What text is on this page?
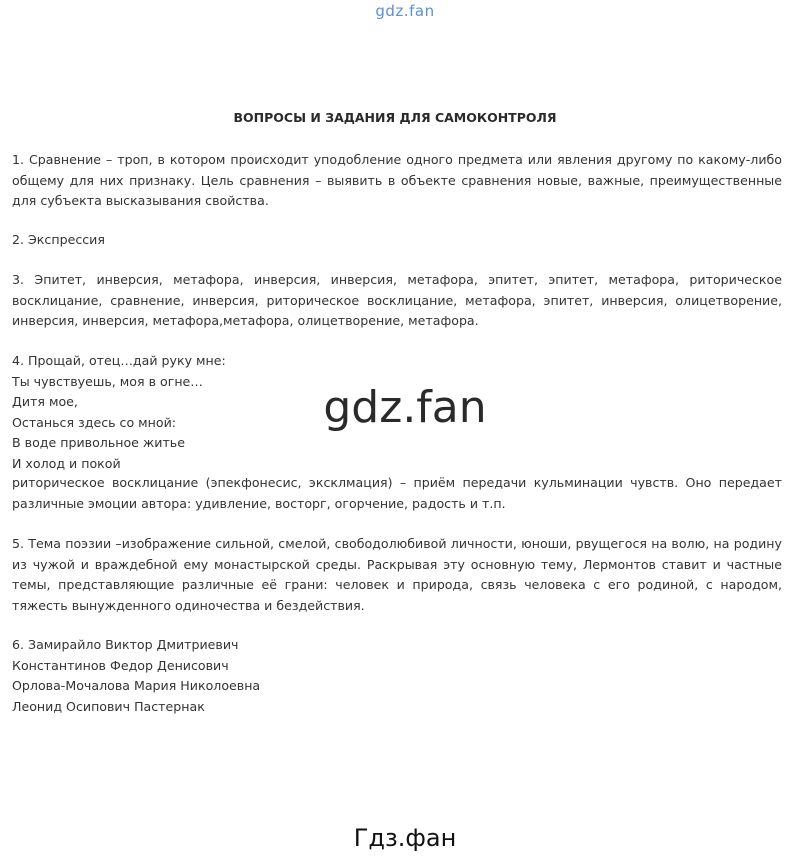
gdz.fan
ВОПРОСЫ И ЗАДАНИЯ ДЛЯ САМОКОНТРОЛЯ
1. Сравнение – троп, в котором происходит уподобление одного предмета или явления другому по какому-либо общему для них признаку. Цель сравнения – выявить в объекте сравнения новые, важные, преимущественные для субъекта высказывания свойства.
2. Экспрессия
3. Эпитет, инверсия, метафора, инверсия, инверсия, метафора, эпитет, эпитет, метафора, риторическое восклицание, сравнение, инверсия, риторическое восклицание, метафора, эпитет, инверсия, олицетворение, инверсия, инверсия, метафора,метафора, олицетворение, метафора.
4. Прощай, отец…дай руку мне:
Ты чувствуешь, моя в огне…
Дитя мое,
Останься здесь со мной:
В воде привольное житье
И холод и покой
риторическое восклицание (эпекфонесис, эксклмация) – приём передачи кульминации чувств. Оно передает различные эмоции автора: удивление, восторг, огорчение, радость и т.п.
5. Тема поэзии –изображение сильной, смелой, свободолюбивой личности, юноши, рвущегося на волю, на родину из чужой и враждебной ему монастырской среды. Раскрывая эту основную тему, Лермонтов ставит и частные темы, представляющие различные её грани: человек и природа, связь человека с его родиной, с народом, тяжесть вынужденного одиночества и бездействия.
6. Замирайло Виктор Дмитриевич
Константинов Федор Денисович
Орлова-Мочалова Мария Николоевна
Леонид Осипович Пастернак
gdz.fan
Гдз.фан
